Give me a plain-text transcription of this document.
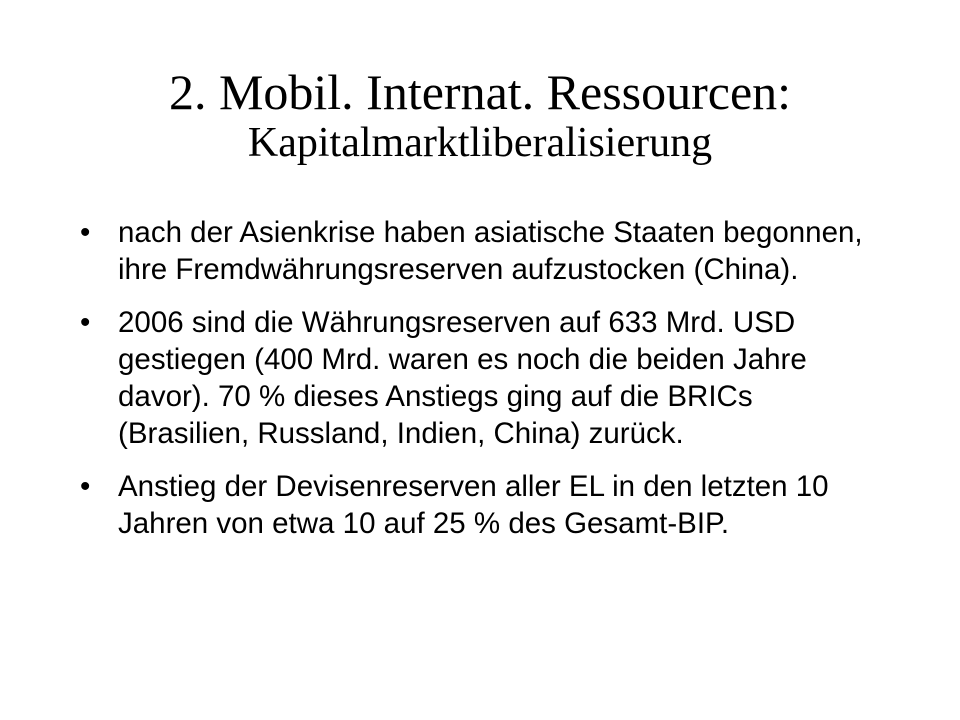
2. Mobil. Internat. Ressourcen:
Kapitalmarktliberalisierung
• nach der Asienkrise haben asiatische Staaten begonnen, ihre Fremdwährungsreserven aufzustocken (China).
• 2006 sind die Währungsreserven auf 633 Mrd. USD gestiegen (400 Mrd. waren es noch die beiden Jahre davor). 70 % dieses Anstiegs ging auf die BRICs (Brasilien, Russland, Indien, China) zurück.
• Anstieg der Devisenreserven aller EL in den letzten 10 Jahren von etwa 10 auf 25 % des Gesamt-BIP.
